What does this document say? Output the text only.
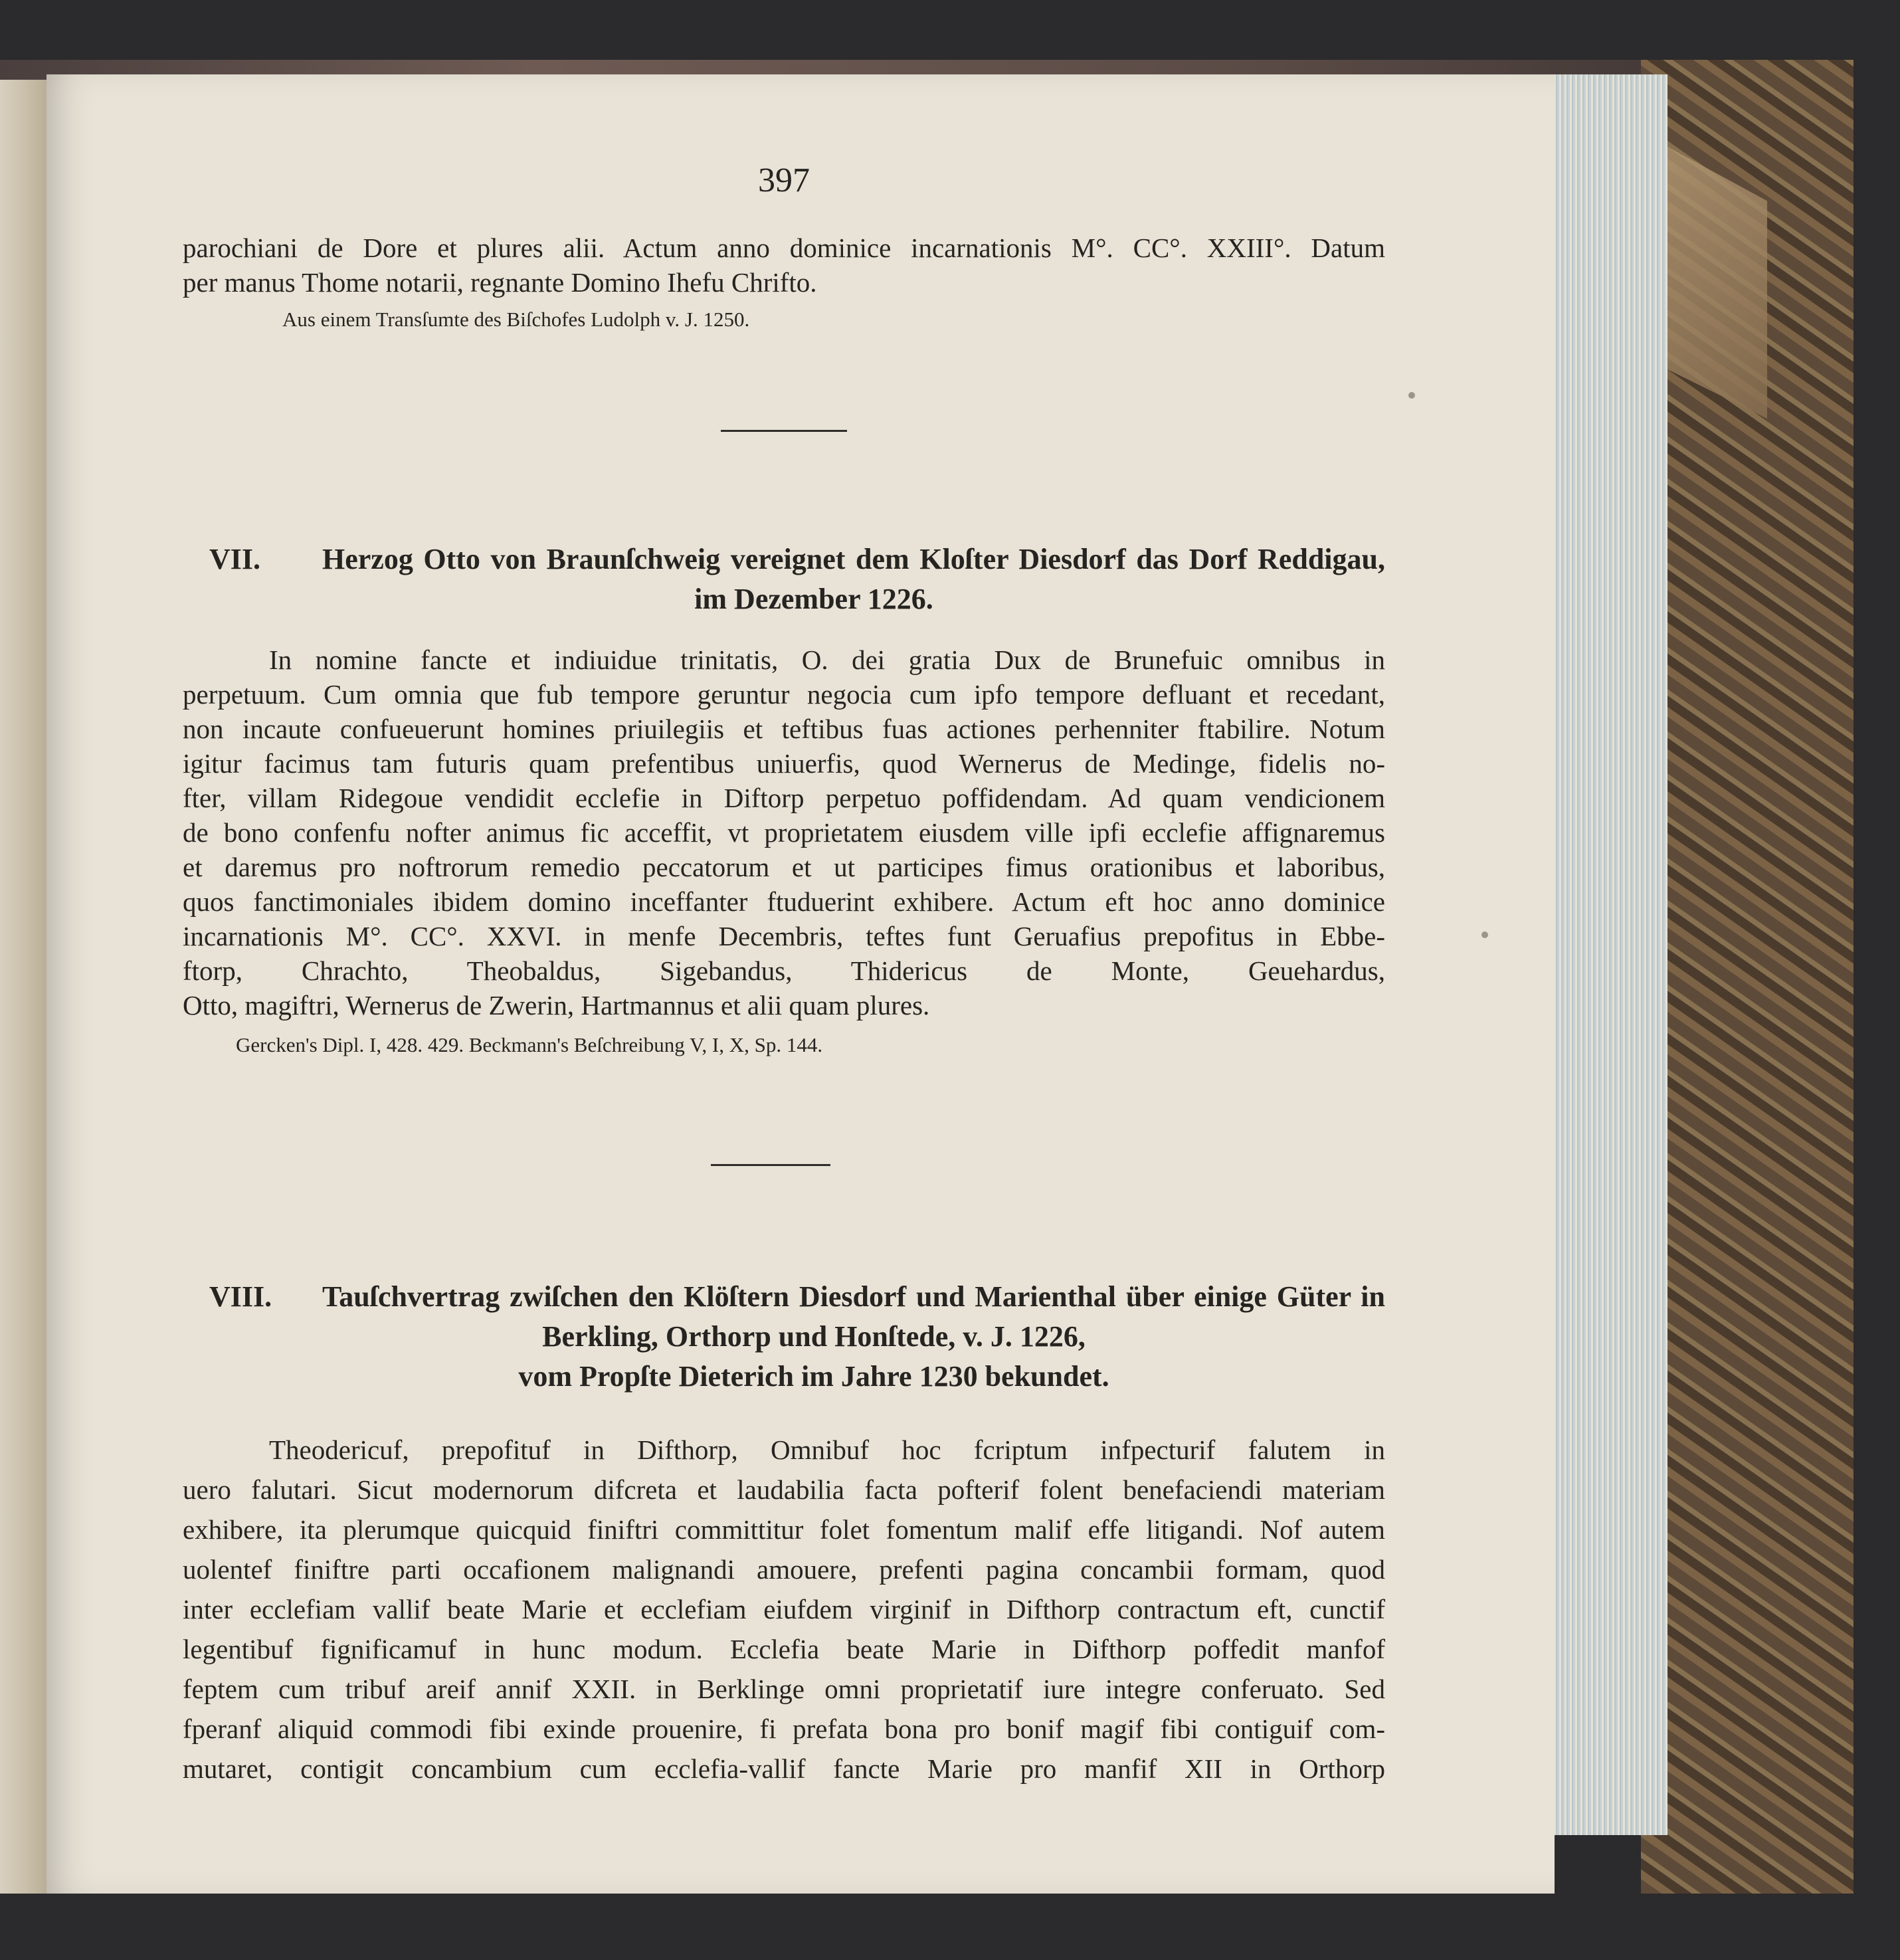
397
parochiani de Dore et plures alii. Actum anno dominice incarnationis M°. CC°. XXIII°. Datum
per manus Thome notarii, regnante Domino Ihefu Chrifto.
Aus einem Transſumte des Biſchofes Ludolph v. J. 1250.
VII.	Herzog Otto von Braunſchweig vereignet dem Kloſter Diesdorf das Dorf Reddigau,
im Dezember 1226.
In nomine fancte et indiuidue trinitatis, O. dei gratia Dux de Brunefuic omnibus in
perpetuum. Cum omnia que fub tempore geruntur negocia cum ipfo tempore defluant et recedant,
non incaute confueuerunt homines priuilegiis et teftibus fuas actiones perhenniter ftabilire. Notum
igitur facimus tam futuris quam prefentibus uniuerfis, quod Wernerus de Medinge, fidelis no-
fter, villam Ridegoue vendidit ecclefie in Diftorp perpetuo poffidendam. Ad quam vendicionem
de bono confenfu nofter animus fic acceffit, vt proprietatem eiusdem ville ipfi ecclefie affignaremus
et daremus pro noftrorum remedio peccatorum et ut participes fimus orationibus et laboribus,
quos fanctimoniales ibidem domino inceffanter ftuduerint exhibere. Actum eft hoc anno dominice
incarnationis M°. CC°. XXVI. in menfe Decembris, teftes funt Geruafius prepofitus in Ebbe-
ftorp, Chrachto, Theobaldus, Sigebandus, Thidericus de Monte, Geuehardus,
Otto, magiftri, Wernerus de Zwerin, Hartmannus et alii quam plures.
Gercken's Dipl. I, 428. 429. Beckmann's Beſchreibung V, I, X, Sp. 144.
VIII.	Tauſchvertrag zwiſchen den Klöſtern Diesdorf und Marienthal über einige Güter in
Berkling, Orthorp und Honſtede, v. J. 1226,
vom Propſte Dieterich im Jahre 1230 bekundet.
Theodericuf, prepofituf in Difthorp, Omnibuf hoc fcriptum infpecturif falutem in
uero falutari. Sicut modernorum difcreta et laudabilia facta pofterif folent benefaciendi materiam
exhibere, ita plerumque quicquid finiftri committitur folet fomentum malif effe litigandi. Nof autem
uolentef finiftre parti occafionem malignandi amouere, prefenti pagina concambii formam, quod
inter ecclefiam vallif beate Marie et ecclefiam eiufdem virginif in Difthorp contractum eft, cunctif
legentibuf fignificamuf in hunc modum. Ecclefia beate Marie in Difthorp poffedit manfof
feptem cum tribuf areif annif XXII. in Berklinge omni proprietatif iure integre conferuato. Sed
fperanf aliquid commodi fibi exinde prouenire, fi prefata bona pro bonif magif fibi contiguif com-
mutaret, contigit concambium cum ecclefia-vallif fancte Marie pro manfif XII in Orthorp
